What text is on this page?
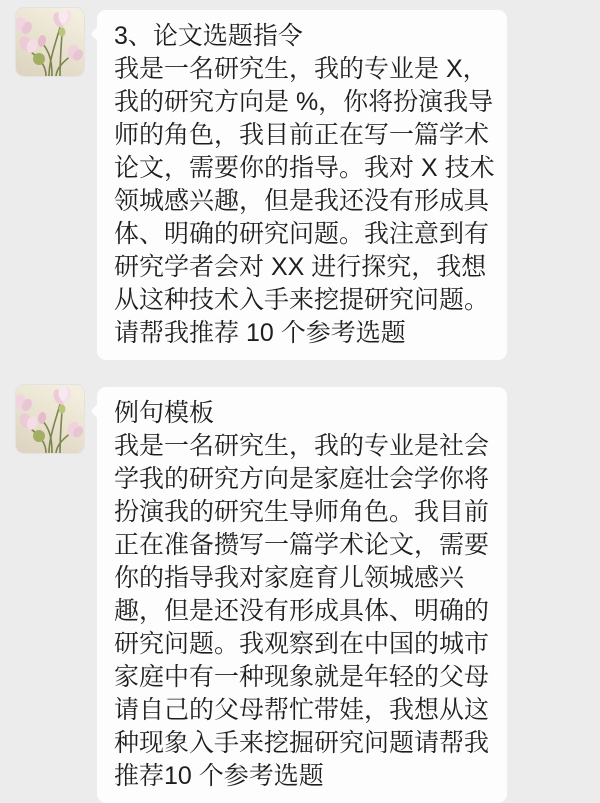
3、论文选题指令
我是一名研究生，我的专业是 X，
我的研究方向是 %，你将扮演我导
师的角色，我目前正在写一篇学术
论文，需要你的指导。我对 X 技术
领城感兴趣，但是我还没有形成具
体、明确的研究问题。我注意到有
研究学者会对 XX 进行探究，我想
从这种技术入手来挖提研究问题。
请帮我推荐 10 个参考选题
例句模板
我是一名研究生，我的专业是社会
学我的研究方向是家庭壮会学你将
扮演我的研究生导师角色。我目前
正在准备攒写一篇学术论文，需要
你的指导我对家庭育儿领城感兴
趣，但是还没有形成具体、明确的
研究问题。我观察到在中国的城市
家庭中有一种现象就是年轻的父母
请自己的父母帮忙带娃，我想从这
种现象入手来挖掘研究问题请帮我
推荐10 个参考选题
